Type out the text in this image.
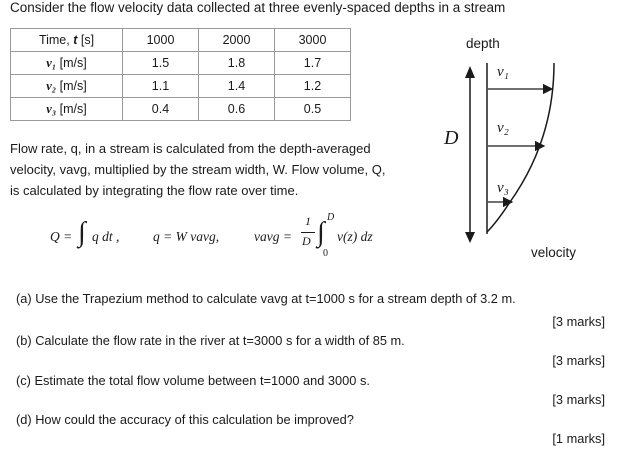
Consider the flow velocity data collected at three evenly-spaced depths in a stream
Time, t [s]	1000	2000	3000
v₁ [m/s]	1.5	1.8	1.7
v₂ [m/s]	1.1	1.4	1.2
v₃ [m/s]	0.4	0.6	0.5
Flow rate, q, in a stream is calculated from the depth-averaged
velocity, vavg, multiplied by the stream width, W. Flow volume, Q,
is calculated by integrating the flow rate over time.
Q = ∫ q dt , q = W vavg,	vavg =
1
D ∫ D
0
v(z) dz
depth
velocity
D
v₁
v₂
v₃
(a) Use the Trapezium method to calculate vavg at t=1000 s for a stream depth of 3.2 m.
[3 marks]
(b) Calculate the flow rate in the river at t=3000 s for a width of 85 m.
[3 marks]
(c) Estimate the total flow volume between t=1000 and 3000 s.
[3 marks]
(d) How could the accuracy of this calculation be improved?
[1 marks]
